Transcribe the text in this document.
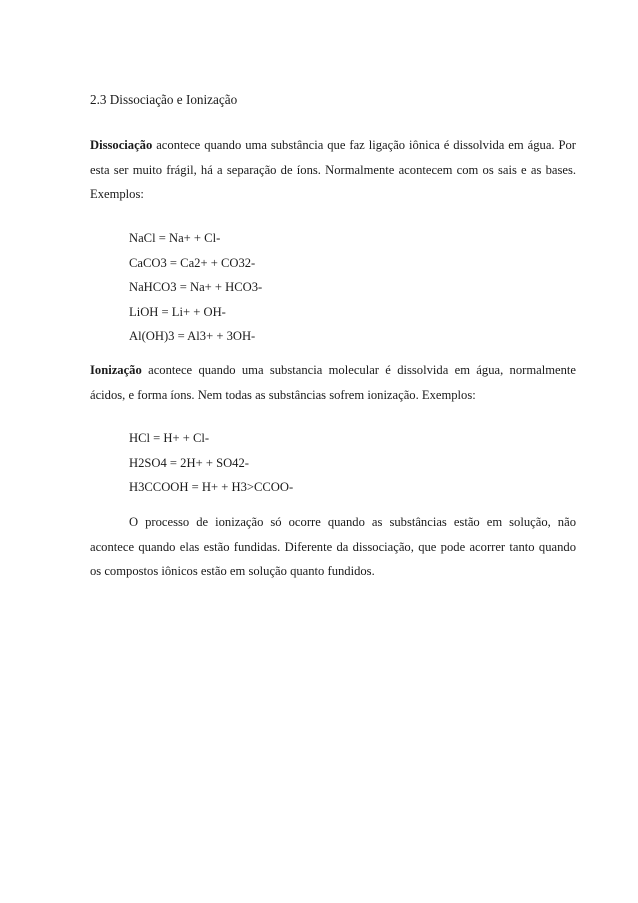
2.3 Dissociação e Ionização

Dissociação acontece quando uma substância que faz ligação iônica é dissolvida em água. Por esta ser muito frágil, há a separação de íons. Normalmente acontecem com os sais e as bases. Exemplos:

NaCl = Na+ + Cl-
CaCO3 = Ca2+ + CO32-
NaHCO3 = Na+ + HCO3-
LiOH = Li+ + OH-
Al(OH)3 = Al3+ + 3OH-

Ionização acontece quando uma substancia molecular é dissolvida em água, normalmente ácidos, e forma íons. Nem todas as substâncias sofrem ionização. Exemplos:

HCl = H+ + Cl-
H2SO4 = 2H+ + SO42-
H3CCOOH = H+ + H3>CCOO-

O processo de ionização só ocorre quando as substâncias estão em solução, não acontece quando elas estão fundidas. Diferente da dissociação, que pode acorrer tanto quando os compostos iônicos estão em solução quanto fundidos.
